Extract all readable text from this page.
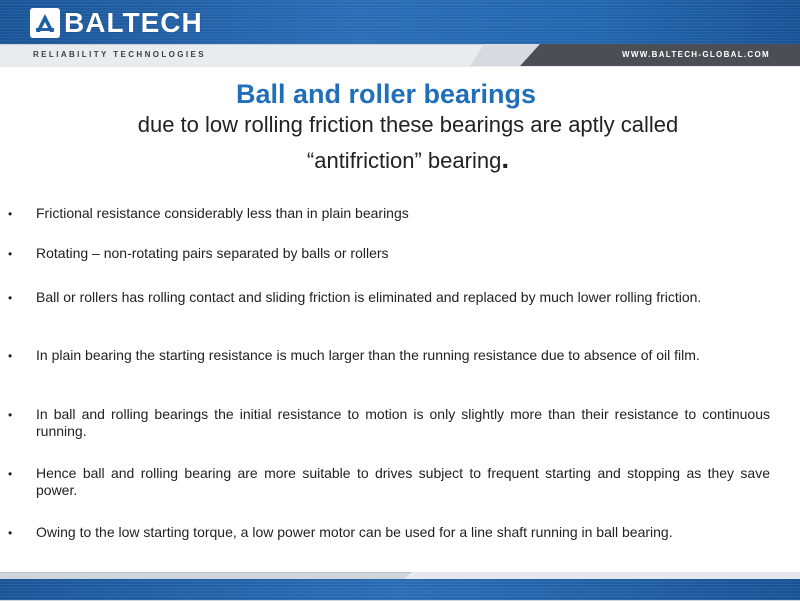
BALTECH
RELIABILITY TECHNOLOGIES	WWW.BALTECH-GLOBAL.COM
Ball and roller bearings
due to low rolling friction these bearings are aptly called
“antifriction” bearing.
• Frictional resistance considerably less than in plain bearings
• Rotating – non-rotating pairs separated by balls or rollers
• Ball or rollers has rolling contact and sliding friction is eliminated and replaced by much lower rolling friction.
• In plain bearing the starting resistance is much larger than the running resistance due to absence of oil film.
• In ball and rolling bearings the initial resistance to motion is only slightly more than their resistance to continuous running.
• Hence ball and rolling bearing are more suitable to drives subject to frequent starting and stopping as they save power.
• Owing to the low starting torque, a low power motor can be used for a line shaft running in ball bearing.
